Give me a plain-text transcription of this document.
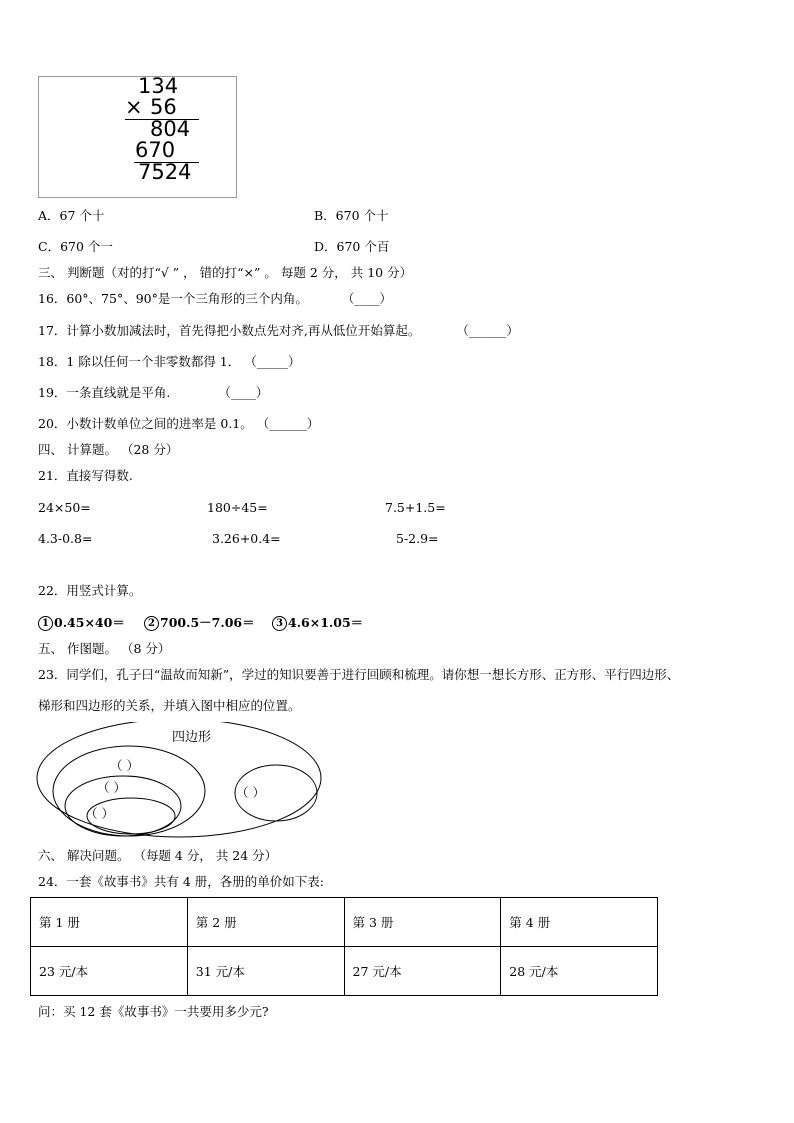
134
× 56
804
670
7524
A．67 个十	B．670 个十
C．670 个一	D．670 个百
三、 判断题（对的打“√ ” ， 错的打“×” 。 每题 2 分， 共 10 分）
16．60°、75°、90°是一个三角形的三个内角。	（____）
17．计算小数加减法时，首先得把小数点先对齐,再从低位开始算起。	（______）
18．1 除以任何一个非零数都得 1． （_____）
19．一条直线就是平角.	（____）
20．小数计数单位之间的进率是 0.1。 （______）
四、 计算题。 （28 分）
21．直接写得数.
24×50=	180÷45=	7.5+1.5=
4.3-0.8=	3.26+0.4=	5-2.9=
22．用竖式计算。
1 0.45×40＝	2 700.5－7.06＝	3 4.6×1.05＝
五、 作图题。 （8 分）
23．同学们，孔子曰“温故而知新”，学过的知识要善于进行回顾和梳理。请你想一想长方形、正方形、平行四边形、
梯形和四边形的关系，并填入图中相应的位置。
四边形
（ ）
（ ）
（ ）
（ ）
六、 解决问题。 （每题 4 分， 共 24 分）
24．一套《故事书》共有 4 册，各册的单价如下表:
第 1 册	第 2 册	第 3 册	第 4 册
23 元/本	31 元/本	27 元/本	28 元/本
问：买 12 套《故事书》一共要用多少元?
